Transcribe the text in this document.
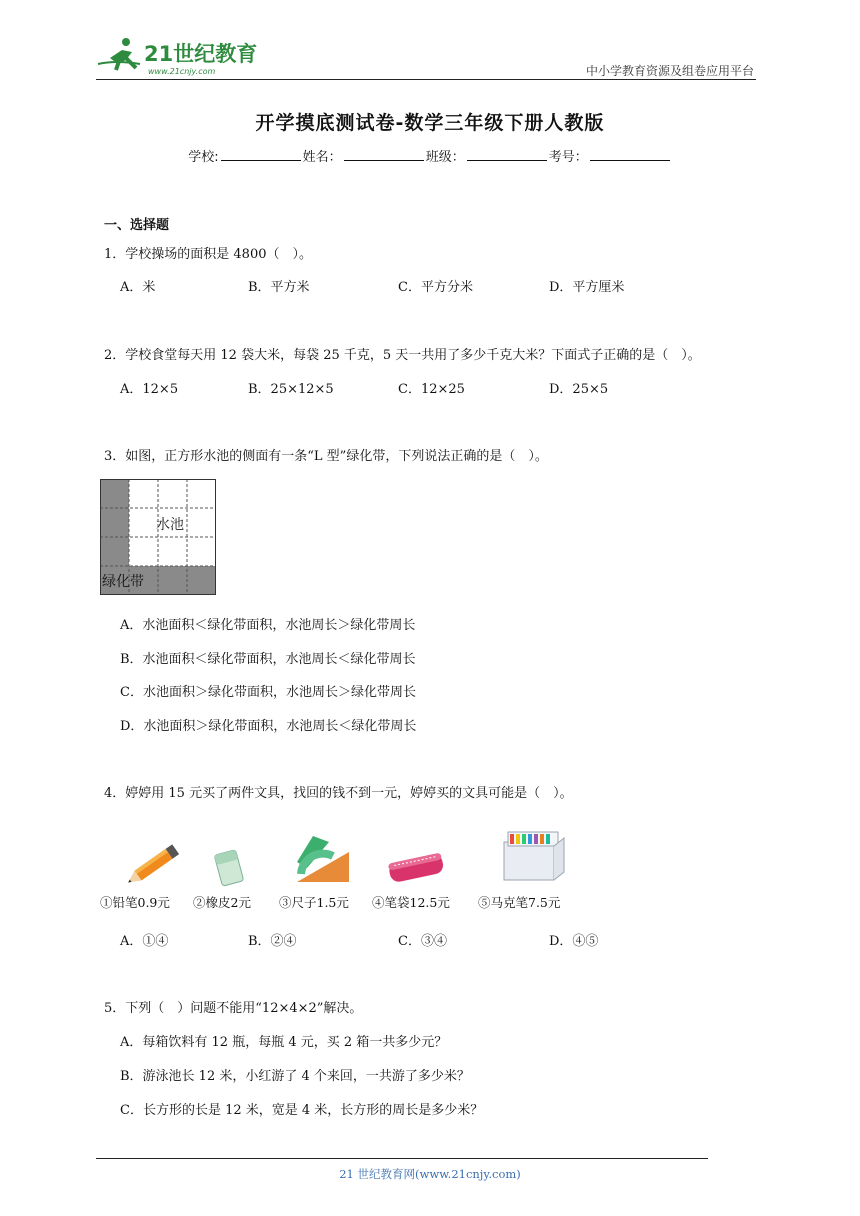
21世纪教育
www.21cnjy.com	中小学教育资源及组卷应用平台
开学摸底测试卷-数学三年级下册人教版
学校:	姓名：	班级：	考号：
一、选择题
1．学校操场的面积是 4800（　）。
A．米	B．平方米	C．平方分米	D．平方厘米
2．学校食堂每天用 12 袋大米，每袋 25 千克，5 天一共用了多少千克大米？下面式子正确的是（　）。
A．12×5	B．25×12×5	C．12×25	D．25×5
3．如图，正方形水池的侧面有一条“L 型”绿化带，下列说法正确的是（　）。
水池
绿化带
A．水池面积＜绿化带面积，水池周长＞绿化带周长
B．水池面积＜绿化带面积，水池周长＜绿化带周长
C．水池面积＞绿化带面积，水池周长＞绿化带周长
D．水池面积＞绿化带面积，水池周长＜绿化带周长
4．婷婷用 15 元买了两件文具，找回的钱不到一元，婷婷买的文具可能是（　）。
①铅笔0.9元 ②橡皮2元 ③尺子1.5元 ④笔袋12.5元 ⑤马克笔7.5元
A．①④	B．②④	C．③④	D．④⑤
5．下列（　）问题不能用“12×4×2”解决。
A．每箱饮料有 12 瓶，每瓶 4 元，买 2 箱一共多少元？
B．游泳池长 12 米，小红游了 4 个来回，一共游了多少米？
C．长方形的长是 12 米，宽是 4 米，长方形的周长是多少米？
21 世纪教育网(www.21cnjy.com)
